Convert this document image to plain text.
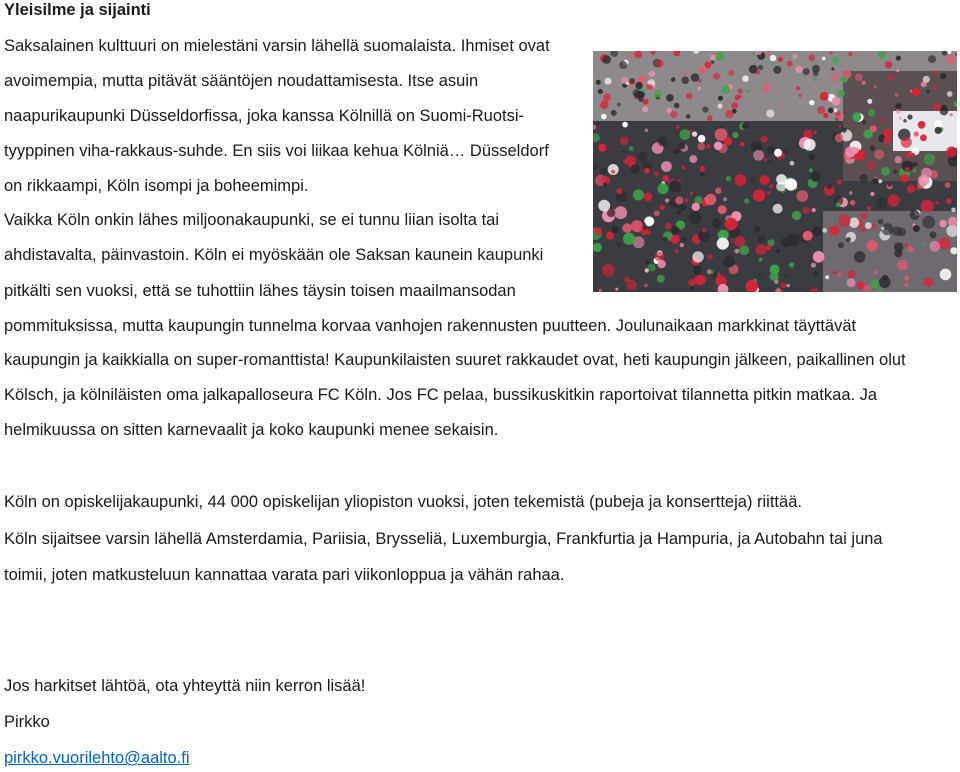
Yleisilme ja sijainti
Saksalainen kulttuuri on mielestäni varsin lähellä suomalaista. Ihmiset ovat
avoimempia, mutta pitävät sääntöjen noudattamisesta. Itse asuin
naapurikaupunki Düsseldorfissa, joka kanssa Kölnillä on Suomi-Ruotsi-
tyyppinen viha-rakkaus-suhde. En siis voi liikaa kehua Kölniä… Düsseldorf
on rikkaampi, Köln isompi ja boheemimpi.
Vaikka Köln onkin lähes miljoonakaupunki, se ei tunnu liian isolta tai
ahdistavalta, päinvastoin. Köln ei myöskään ole Saksan kaunein kaupunki
pitkälti sen vuoksi, että se tuhottiin lähes täysin toisen maailmansodan
pommituksissa, mutta kaupungin tunnelma korvaa vanhojen rakennusten puutteen. Joulunaikaan markkinat täyttävät
kaupungin ja kaikkialla on super-romanttista! Kaupunkilaisten suuret rakkaudet ovat, heti kaupungin jälkeen, paikallinen olut
Kölsch, ja kölniläisten oma jalkapalloseura FC Köln. Jos FC pelaa, bussikuskitkin raportoivat tilannetta pitkin matkaa. Ja
helmikuussa on sitten karnevaalit ja koko kaupunki menee sekaisin.
Köln on opiskelijakaupunki, 44 000 opiskelijan yliopiston vuoksi, joten tekemistä (pubeja ja konsertteja) riittää.
Köln sijaitsee varsin lähellä Amsterdamia, Pariisia, Brysseliä, Luxemburgia, Frankfurtia ja Hampuria, ja Autobahn tai juna
toimii, joten matkusteluun kannattaa varata pari viikonloppua ja vähän rahaa.
Jos harkitset lähtöä, ota yhteyttä niin kerron lisää!
Pirkko
pirkko.vuorilehto@aalto.fi
